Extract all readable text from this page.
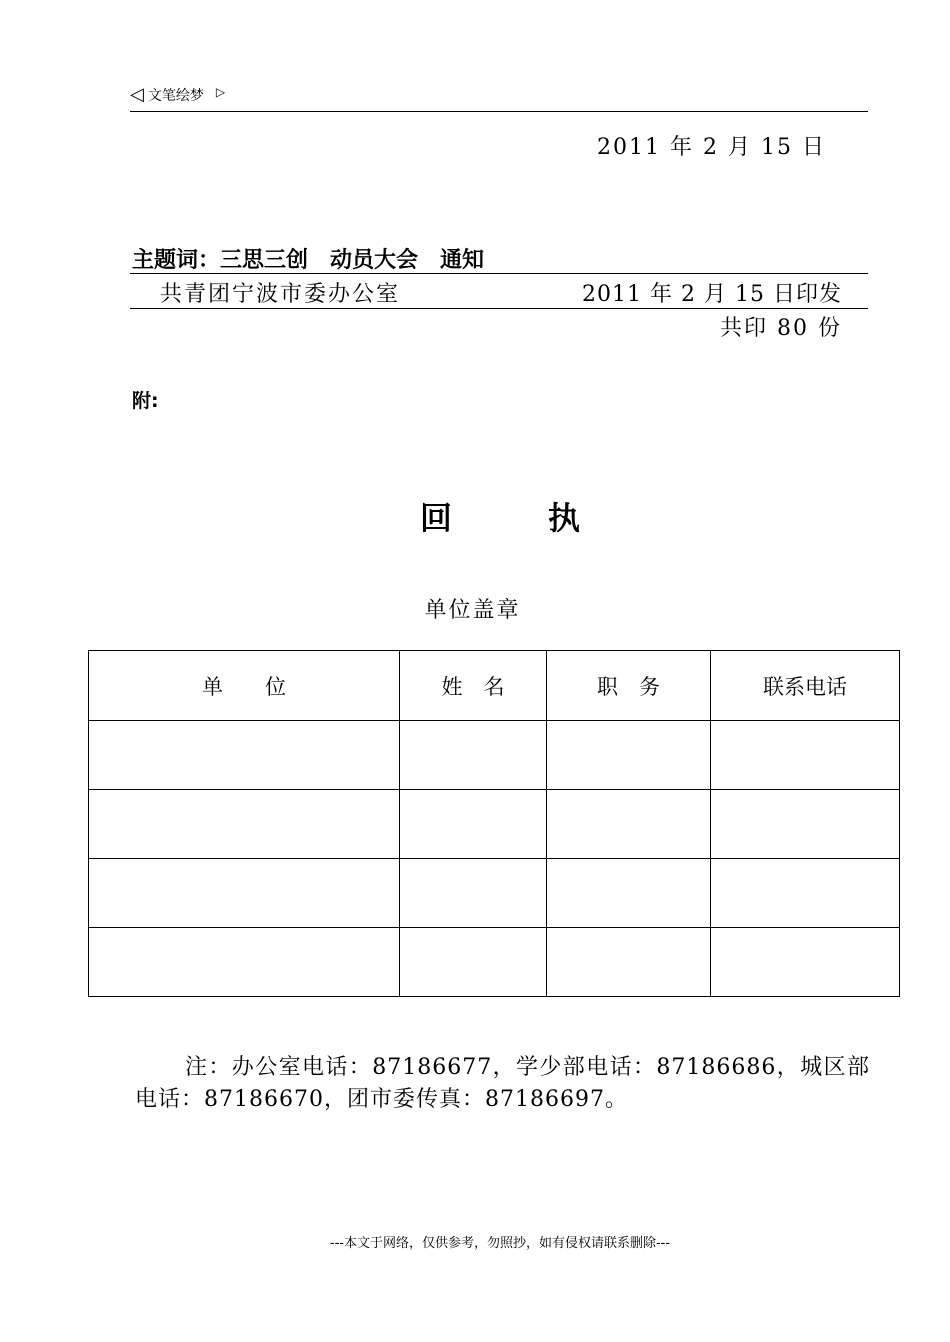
◁ 文笔绘梦 ▷
2011 年 2 月 15 日
主题词：三思三创　动员大会　通知
共青团宁波市委办公室	2011 年 2 月 15 日印发
共印 80 份
附:
回	执
单位盖章
单　　位	姓　名	职　务	联系电话

注：办公室电话：87186677，学少部电话：87186686，城区部电话：87186670，团市委传真：87186697。
---本文于网络，仅供参考，勿照抄，如有侵权请联系删除---
